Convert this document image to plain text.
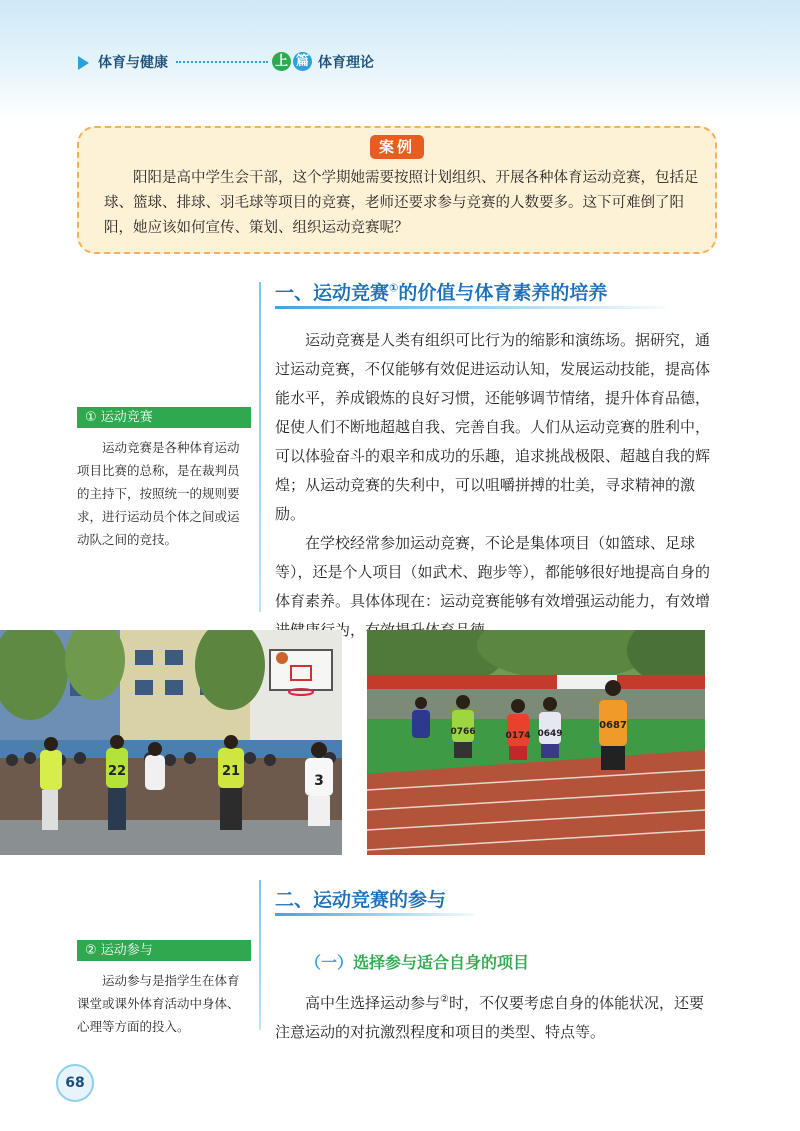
体育与健康	上 篇 体育理论
案例
阳阳是高中学生会干部，这个学期她需要按照计划组织、开展各种体育运动竞赛，包括足球、篮球、排球、羽毛球等项目的竞赛，老师还要求参与竞赛的人数要多。这下可难倒了阳阳，她应该如何宣传、策划、组织运动竞赛呢？
一、运动竞赛①的价值与体育素养的培养

运动竞赛是人类有组织可比行为的缩影和演练场。据研究，通过运动竞赛，不仅能够有效促进运动认知，发展运动技能，提高体能水平，养成锻炼的良好习惯，还能够调节情绪，提升体育品德，促使人们不断地超越自我、完善自我。人们从运动竞赛的胜利中，可以体验奋斗的艰辛和成功的乐趣，追求挑战极限、超越自我的辉煌；从运动竞赛的失利中，可以咀嚼拼搏的壮美，寻求精神的激励。

在学校经常参加运动竞赛，不论是集体项目（如篮球、足球等），还是个人项目（如武术、跑步等），都能够很好地提高自身的体育素养。具体体现在：运动竞赛能够有效增强运动能力，有效增 康行为，有效

① 运动竞赛
运动竞赛是各种体育运动项目比赛的总称，是在裁判员的主持下，按照统一的规则要求，进行运动员个体之间或运动队之间的竞技。
22	21
3
0766	0174 0649
0687
二、运动竞赛的参与
② 运动参与
运动参与是指学生在体育课堂或课外体育活动中身体、心理等方面的投入。
（一）选择参与适合自身的项目

高中生选择运动参与②时，不仅要考虑自身的体能状况，还要注意运动的对抗激烈程度和项目的类型、特点等。

68
